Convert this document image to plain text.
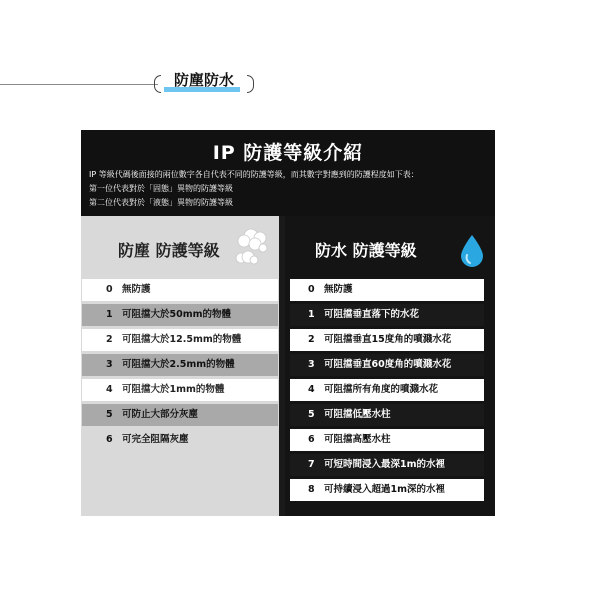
防塵防水
IP 防護等級介紹
IP 等級代碼後面接的兩位數字各自代表不同的防護等級，而其數字對應到的防護程度如下表：
第一位代表對於「固態」異物的防護等級
第二位代表對於「液態」異物的防護等級
防塵 防護等級
0 無防護
1 可阻擋大於50mm的物體
2 可阻擋大於12.5mm的物體
3 可阻擋大於2.5mm的物體
4 可阻擋大於1mm的物體
5 可防止大部分灰塵
6 可完全阻隔灰塵
防水 防護等級
0 無防護
1 可阻擋垂直落下的水花
2 可阻擋垂直15度角的噴濺水花
3 可阻擋垂直60度角的噴濺水花
4 可阻擋所有角度的噴濺水花
5 可阻擋低壓水柱
6 可阻擋高壓水柱
7 可短時間浸入最深1m的水裡
8 可持續浸入超過1m深的水裡
